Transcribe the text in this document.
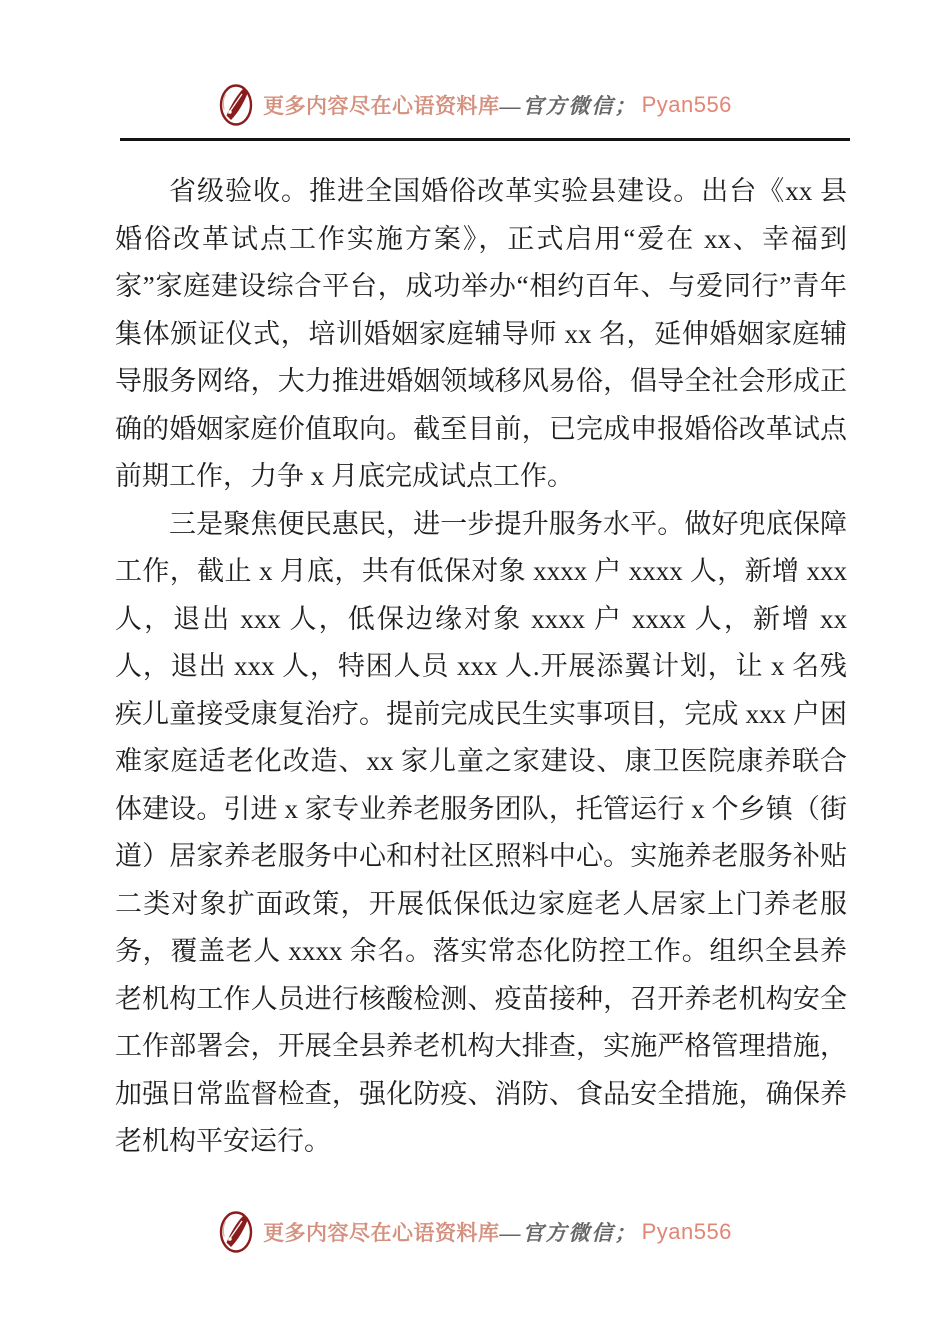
更多内容尽在心语资料库 —官方微信； Pyan556

省级验收。推进全国婚俗改革实验县建设。出台《xx 县婚俗改革试点工作实施方案》，正式启用“爱在 xx、幸福到家”家庭建设综合平台，成功举办“相约百年、与爱同行”青年集体颁证仪式，培训婚姻家庭辅导师 xx 名，延伸婚姻家庭辅导服务网络，大力推进婚姻领域移风易俗，倡导全社会形成正确的婚姻家庭价值取向。截至目前，已完成申报婚俗改革试点前期工作，力争 x 月底完成试点工作。

三是聚焦便民惠民，进一步提升服务水平。做好兜底保障工作，截止 x 月底，共有低保对象 xxxx 户 xxxx 人，新增 xxx 人，退出 xxx 人，低保边缘对象 xxxx 户 xxxx 人，新增 xx 人，退出 xxx 人，特困人员 xxx 人.开展添翼计划，让 x 名残疾儿童接受康复治疗。提前完成民生实事项目，完成 xxx 户困难家庭适老化改造、xx 家儿童之家建设、康卫医院康养联合体建设。引进 x 家专业养老服务团队，托管运行 x 个乡镇（街道）居家养老服务中心和村社区照料中心。实施养老服务补贴二类对象扩面政策，开展低保低边家庭老人居家上门养老服务，覆盖老人 xxxx 余名。落实常态化防控工作。组织全县养老机构工作人员进行核酸检测、疫苗接种，召开养老机构安全工作部署会，开展全县养老机构大排查，实施严格管理措施，加强日常监督检查，强化防疫、消防、食品安全措施，确保养老机构平安运行。

更多内容尽在心语资料库 —官方微信； Pyan556
